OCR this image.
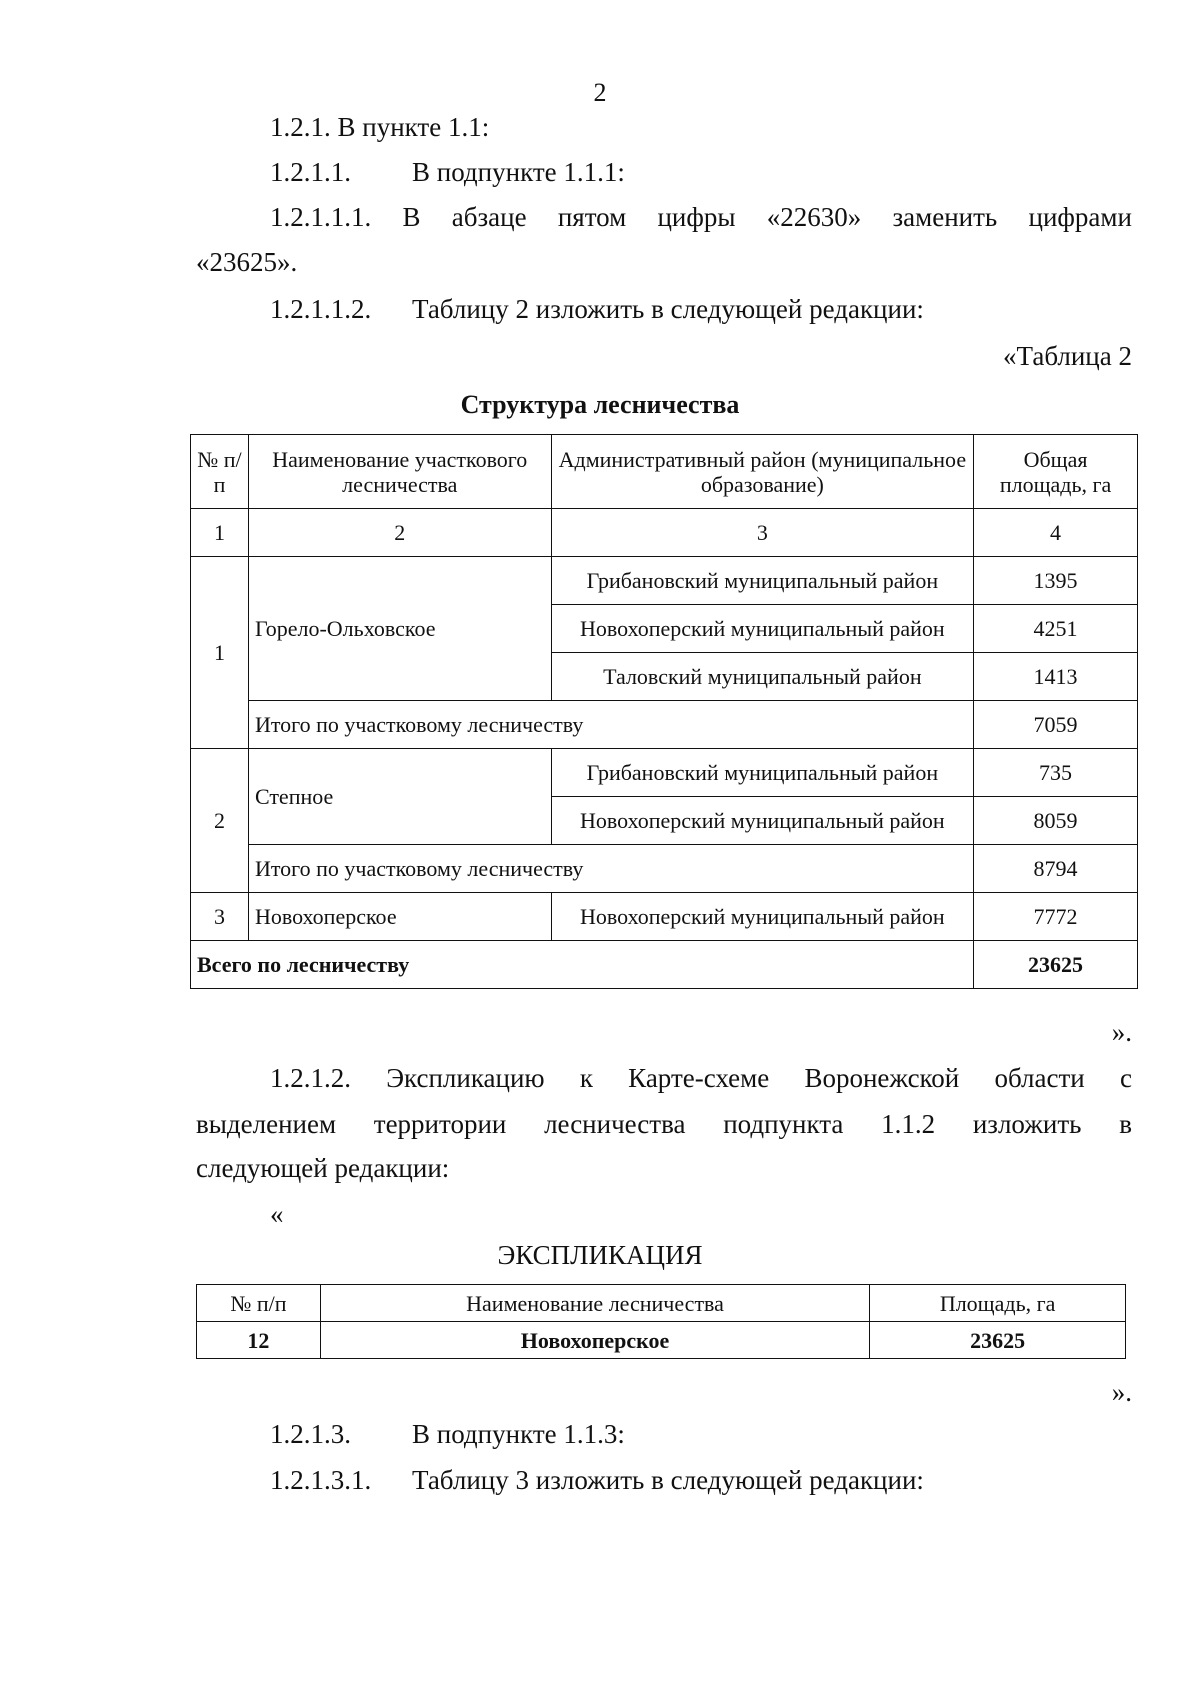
2
1.2.1. В пункте 1.1:
1.2.1.1. В подпункте 1.1.1:
1.2.1.1.1. В абзаце пятом цифры «22630» заменить цифрами
«23625».
1.2.1.1.2. Таблицу 2 изложить в следующей редакции:
«Таблица 2
Структура лесничества
№ п/п	Наименование участкового лесничества	Административный район (муниципальное образование)	Общая площадь, га
1	2	3	4
1	Горело-Ольховское	Грибановский муниципальный район	1395
		Новохоперский муниципальный район	4251
		Таловский муниципальный район	1413
	Итого по участковому лесничеству		7059
2	Степное	Грибановский муниципальный район	735
		Новохоперский муниципальный район	8059
	Итого по участковому лесничеству		8794
3	Новохоперское	Новохоперский муниципальный район	7772
Всего по лесничеству			23625
».
1.2.1.2. Экспликацию к Карте-схеме Воронежской области с
выделением территории лесничества подпункта 1.1.2 изложить в
следующей редакции:
«
ЭКСПЛИКАЦИЯ
№ п/п	Наименование лесничества	Площадь, га
12	Новохоперское	23625
».
1.2.1.3. В подпункте 1.1.3:
1.2.1.3.1. Таблицу 3 изложить в следующей редакции:
